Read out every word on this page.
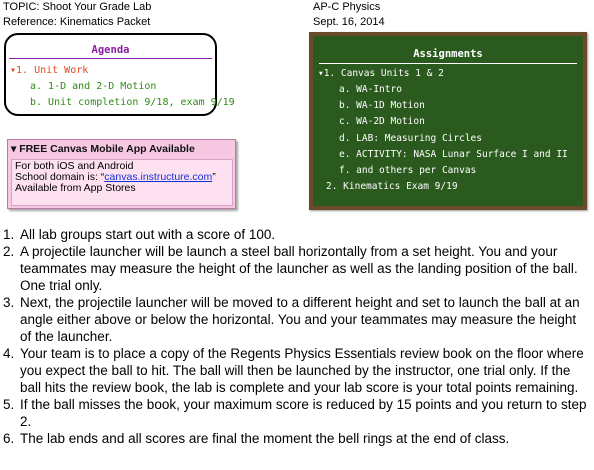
TOPIC: Shoot Your Grade Lab
Reference: Kinematics Packet
AP-C Physics
Sept. 16, 2014
Agenda
▾1. Unit Work
a. 1-D and 2-D Motion
b. Unit completion 9/18, exam 9/19
▾ FREE Canvas Mobile App Available
For both iOS and Android
School domain is: “canvas.instructure.com”
Available from App Stores
Assignments
▾1. Canvas Units 1 & 2
a. WA-Intro
b. WA-1D Motion
c. WA-2D Motion
d. LAB: Measuring Circles
e. ACTIVITY: NASA Lunar Surface I and II
f. and others per Canvas
2. Kinematics Exam 9/19
1. All lab groups start out with a score of 100.
2. A projectile launcher will be launch a steel ball horizontally from a set height. You and your teammates may measure the height of the launcher as well as the landing position of the ball. One trial only.
3. Next, the projectile launcher will be moved to a different height and set to launch the ball at an angle either above or below the horizontal. You and your teammates may measure the height of the launcher.
4. Your team is to place a copy of the Regents Physics Essentials review book on the floor where you expect the ball to hit. The ball will then be launched by the instructor, one trial only. If the ball hits the review book, the lab is complete and your lab score is your total points remaining.
5. If the ball misses the book, your maximum score is reduced by 15 points and you return to step 2.
6. The lab ends and all scores are final the moment the bell rings at the end of class.
